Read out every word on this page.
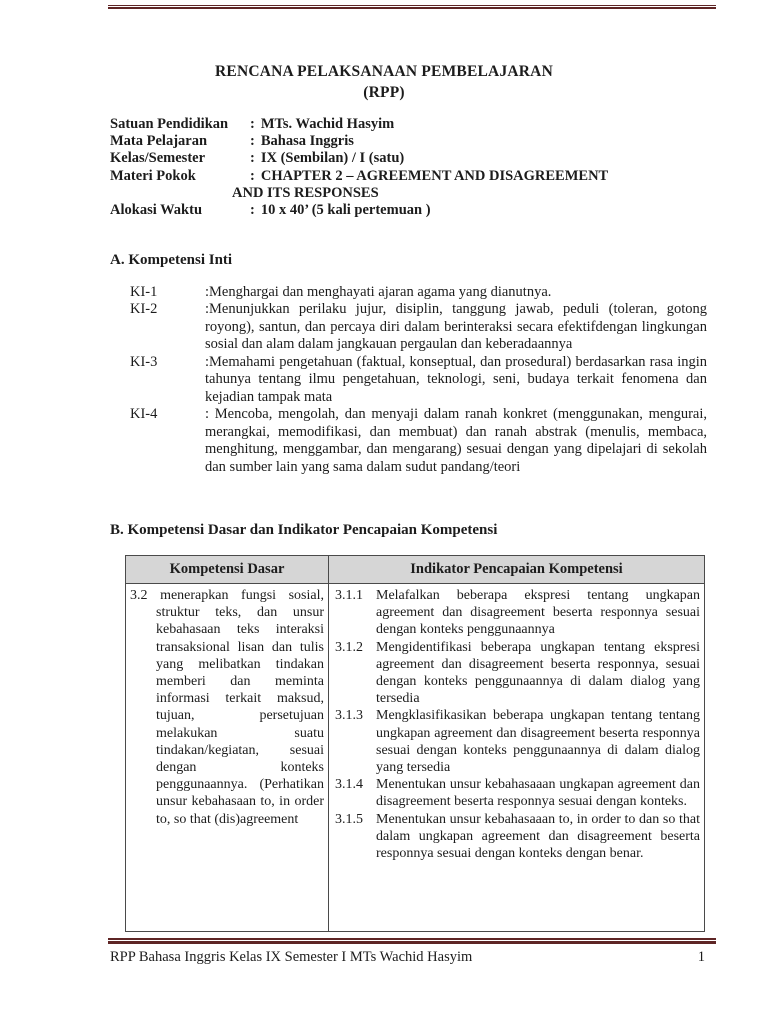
RENCANA PELAKSANAAN PEMBELAJARAN
(RPP)
Satuan Pendidikan	: MTs. Wachid Hasyim
Mata Pelajaran	: Bahasa Inggris
Kelas/Semester	: IX (Sembilan) / I (satu)
Materi Pokok	: CHAPTER 2 – AGREEMENT AND DISAGREEMENT
AND ITS RESPONSES
Alokasi Waktu	: 10 x 40’ (5 kali pertemuan )
A. Kompetensi Inti
KI-1	:Menghargai dan menghayati ajaran agama yang dianutnya.
KI-2	:Menunjukkan perilaku jujur, disiplin, tanggung jawab, peduli (toleran, gotong royong), santun, dan percaya diri dalam berinteraksi secara efektifdengan lingkungan sosial dan alam dalam jangkauan pergaulan dan keberadaannya
KI-3	:Memahami pengetahuan (faktual, konseptual, dan prosedural) berdasarkan rasa ingin tahunya tentang ilmu pengetahuan, teknologi, seni, budaya terkait fenomena dan kejadian tampak mata
KI-4	: Mencoba, mengolah, dan menyaji dalam ranah konkret (menggunakan, mengurai, merangkai, memodifikasi, dan membuat) dan ranah abstrak (menulis, membaca, menghitung, menggambar, dan mengarang) sesuai dengan yang dipelajari di sekolah dan sumber lain yang sama dalam sudut pandang/teori
B. Kompetensi Dasar dan Indikator Pencapaian Kompetensi
Kompetensi Dasar	Indikator Pencapaian Kompetensi

3.2 menerapkan fungsi sosial, struktur teks, dan unsur kebahasaan teks interaksi transaksional lisan dan tulis yang melibatkan tindakan memberi dan meminta informasi terkait maksud, tujuan, persetujuan melakukan suatu tindakan/kegiatan, sesuai dengan konteks penggunaannya. (Perhatikan unsur kebahasaan to, in order to, so that (dis)agreement

3.1.1 Melafalkan beberapa ekspresi tentang ungkapan agreement dan disagreement beserta responnya sesuai dengan konteks penggunaannya
3.1.2 Mengidentifikasi beberapa ungkapan tentang ekspresi agreement dan disagreement beserta responnya, sesuai dengan konteks penggunaannya di dalam dialog yang tersedia
3.1.3 Mengklasifikasikan beberapa ungkapan tentang tentang ungkapan agreement dan disagreement beserta responnya sesuai dengan konteks penggunaannya di dalam dialog yang tersedia
3.1.4 Menentukan unsur kebahasaaan ungkapan agreement dan disagreement beserta responnya sesuai dengan konteks.
3.1.5 Menentukan unsur kebahasaaan to, in order to dan so that dalam ungkapan agreement dan disagreement beserta responnya sesuai dengan konteks dengan benar.
RPP Bahasa Inggris Kelas IX Semester I MTs Wachid Hasyim	1
